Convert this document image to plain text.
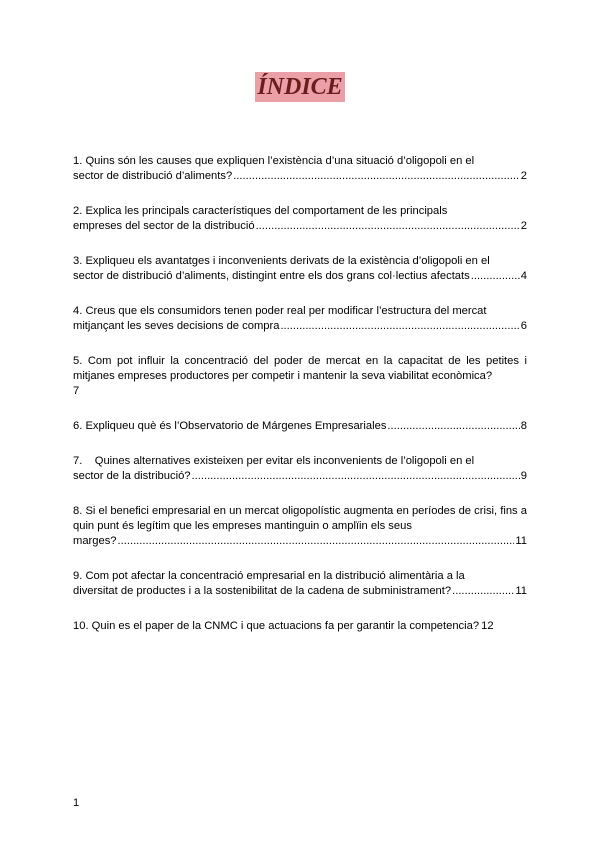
ÍNDICE
1. Quins són les causes que expliquen l’existència d’una situació d’oligopoli en el
sector de distribució d’aliments? .....	2
2. Explica les principals característiques del comportament de les principals
empreses del sector de la distribució .....	2
3. Expliqueu els avantatges i inconvenients derivats de la existència d’oligopoli en el
sector de distribució d’aliments, distingint entre els dos grans col·lectius afectats .....	4
4. Creus que els consumidors tenen poder real per modificar l’estructura del mercat
mitjançant les seves decisions de compra .....	6
5. Com pot influir la concentració del poder de mercat en la capacitat de les petites i mitjanes empreses productores per competir i mantenir la seva viabilitat econòmica?
7
6. Expliqueu què és l’Observatorio de Márgenes Empresariales .....	8
7.    Quines alternatives existeixen per evitar els inconvenients de l’oligopoli en el
sector de la distribució? .....	9
8. Si el benefici empresarial en un mercat oligopolístic augmenta en períodes de crisi, fins a quin punt és legítim que les empreses mantinguin o amplïin els seus
marges? .....	11
9. Com pot afectar la concentració empresarial en la distribució alimentària a la
diversitat de productes i a la sostenibilitat de la cadena de subministrament? .....	11
10. Quin es el paper de la CNMC i que actuacions fa per garantir la competencia? 12
1
